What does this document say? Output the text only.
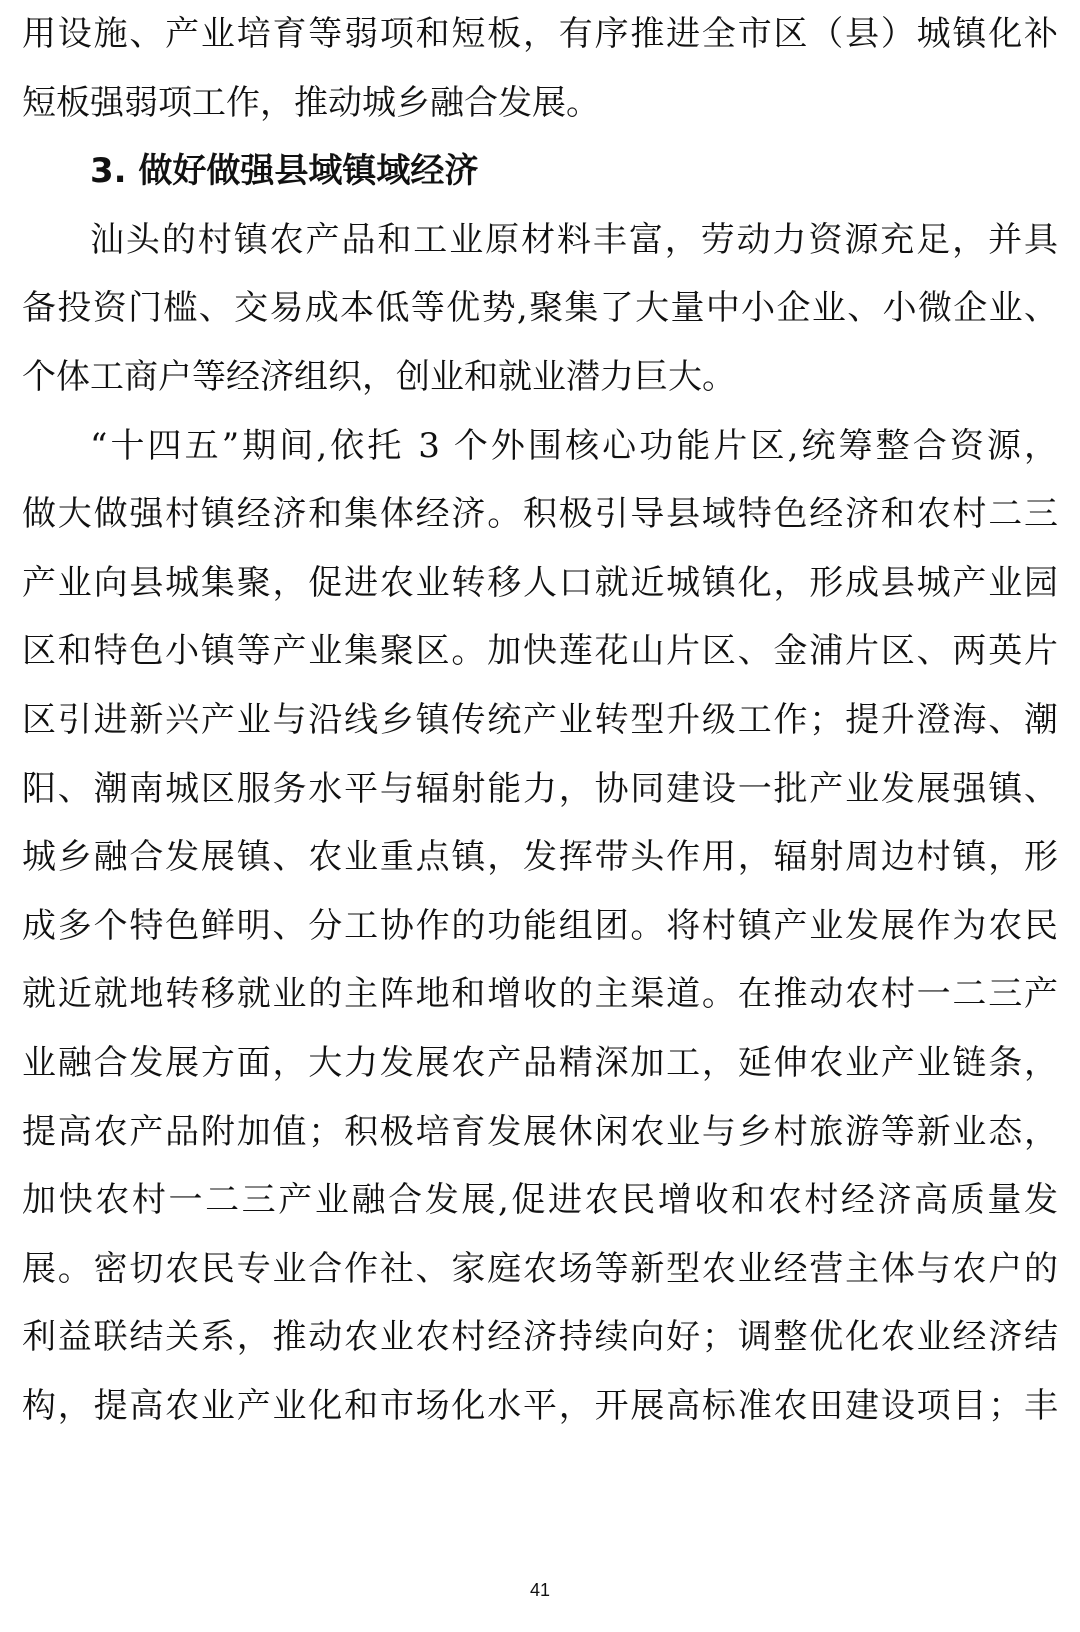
用设施、产业培育等弱项和短板，有序推进全市区（县）城镇化补
短板强弱项工作，推动城乡融合发展。
3. 做好做强县域镇域经济
汕头的村镇农产品和工业原材料丰富，劳动力资源充足，并具
备投资门槛、交易成本低等优势,聚集了大量中小企业、小微企业、
个体工商户等经济组织，创业和就业潜力巨大。
“十四五”期间,依托 3 个外围核心功能片区,统筹整合资源，
做大做强村镇经济和集体经济。积极引导县域特色经济和农村二三
产业向县城集聚，促进农业转移人口就近城镇化，形成县城产业园
区和特色小镇等产业集聚区。加快莲花山片区、金浦片区、两英片
区引进新兴产业与沿线乡镇传统产业转型升级工作；提升澄海、潮
阳、潮南城区服务水平与辐射能力，协同建设一批产业发展强镇、
城乡融合发展镇、农业重点镇，发挥带头作用，辐射周边村镇，形
成多个特色鲜明、分工协作的功能组团。将村镇产业发展作为农民
就近就地转移就业的主阵地和增收的主渠道。在推动农村一二三产
业融合发展方面，大力发展农产品精深加工，延伸农业产业链条，
提高农产品附加值；积极培育发展休闲农业与乡村旅游等新业态，
加快农村一二三产业融合发展,促进农民增收和农村经济高质量发
展。密切农民专业合作社、家庭农场等新型农业经营主体与农户的
利益联结关系，推动农业农村经济持续向好；调整优化农业经济结
构，提高农业产业化和市场化水平，开展高标准农田建设项目；丰
41
